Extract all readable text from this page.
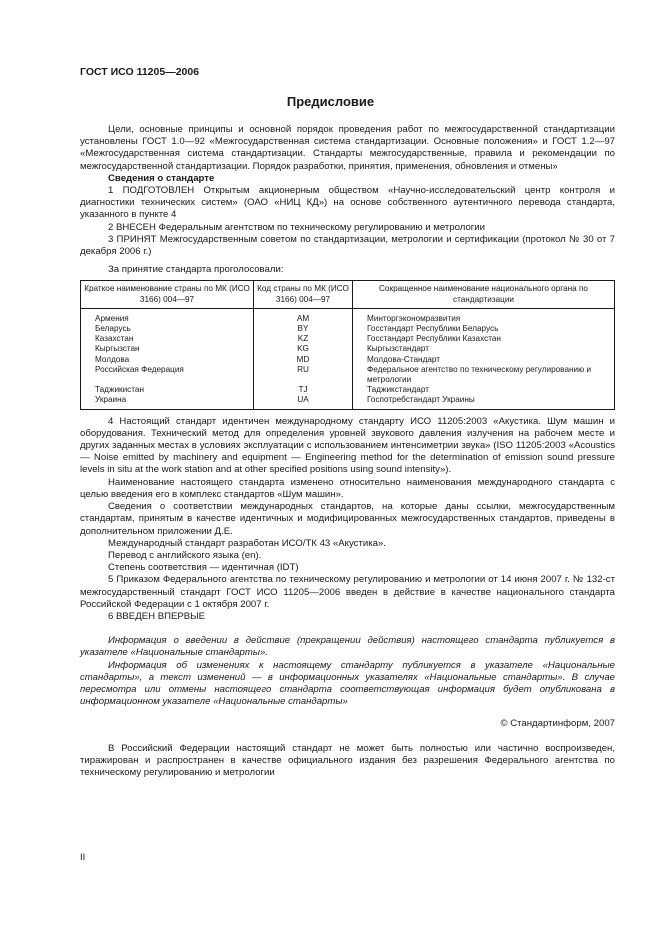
ГОСТ ИСО 11205—2006
Предисловие

Цели, основные принципы и основной порядок проведения работ по межгосударственной стандартизации установлены ГОСТ 1.0—92 «Межгосударственная система стандартизации. Основные положения» и ГОСТ 1.2—97 «Межгосударственная система стандартизации. Стандарты межгосударственные, правила и рекомендации по межгосударственной стандартизации. Порядок разработки, принятия, применения, обновления и отмены»

Сведения о стандарте

1 ПОДГОТОВЛЕН Открытым акционерным обществом «Научно-исследовательский центр контроля и диагностики технических систем» (ОАО «НИЦ КД») на основе собственного аутентичного перевода стандарта, указанного в пункте 4

2 ВНЕСЕН Федеральным агентством по техническому регулированию и метрологии

3 ПРИНЯТ Межгосударственным советом по стандартизации, метрологии и сертификации (протокол № 30 от 7 декабря 2006 г.)

За принятие стандарта проголосовали:

Краткое наименование страны по МК (ИСО 3166) 004—97	Код страны по МК (ИСО 3166) 004—97	Сокращенное наименование национального органа по стандартизации
Армения	AM	Минторгэкономразвития
Беларусь	BY	Госстандарт Республики Беларусь
Казахстан	KZ	Госстандарт Республики Казахстан
Кыргызстан	KG	Кыргызстандарт
Молдова	MD	Молдова-Стандарт
Российская Федерация	RU	Федеральное агентство по техническому регулированию и метрологии
Таджикистан	TJ	Таджикстандарт
Украина	UA	Госпотребстандарт Украины

4 Настоящий стандарт идентичен международному стандарту ИСО 11205:2003 «Акустика. Шум машин и оборудования. Технический метод для определения уровней звукового давления излучения на рабочем месте и других заданных местах в условиях эксплуатации с использованием интенсиметрии звука» (ISO 11205:2003 «Acoustics — Noise emitted by machinery and equipment — Engineering method for the determination of emission sound pressure levels in situ at the work station and at other specified positions using sound intensity»).

Наименование настоящего стандарта изменено относительно наименования международного стандарта с целью введения его в комплекс стандартов «Шум машин».

Сведения о соответствии международных стандартов, на которые даны ссылки, межгосударственным стандартам, принятым в качестве идентичных и модифицированных межгосударственных стандартов, приведены в дополнительном приложении Д.Е.

Международный стандарт разработан ИСО/ТК 43 «Акустика».

Перевод с английского языка (en).

Степень соответствия — идентичная (IDT)

5 Приказом Федерального агентства по техническому регулированию и метрологии от 14 июня 2007 г. № 132-ст межгосударственный стандарт ГОСТ ИСО 11205—2006 введен в действие в качестве национального стандарта Российской Федерации с 1 октября 2007 г.

6 ВВЕДЕН ВПЕРВЫЕ

Информация о введении в действие (прекращении действия) настоящего стандарта публикуется в указателе «Национальные стандарты».

Информация об изменениях к настоящему стандарту публикуется в указателе «Национальные стандарты», а текст изменений — в информационных указателях «Национальные стандарты». В случае пересмотра или отмены настоящего стандарта соответствующая информация будет опубликована в информационном указателе «Национальные стандарты»

© Стандартинформ, 2007

В Российский Федерации настоящий стандарт не может быть полностью или частично воспроизведен, тиражирован и распространен в качестве официального издания без разрешения Федерального агентства по техническому регулированию и метрологии

II
